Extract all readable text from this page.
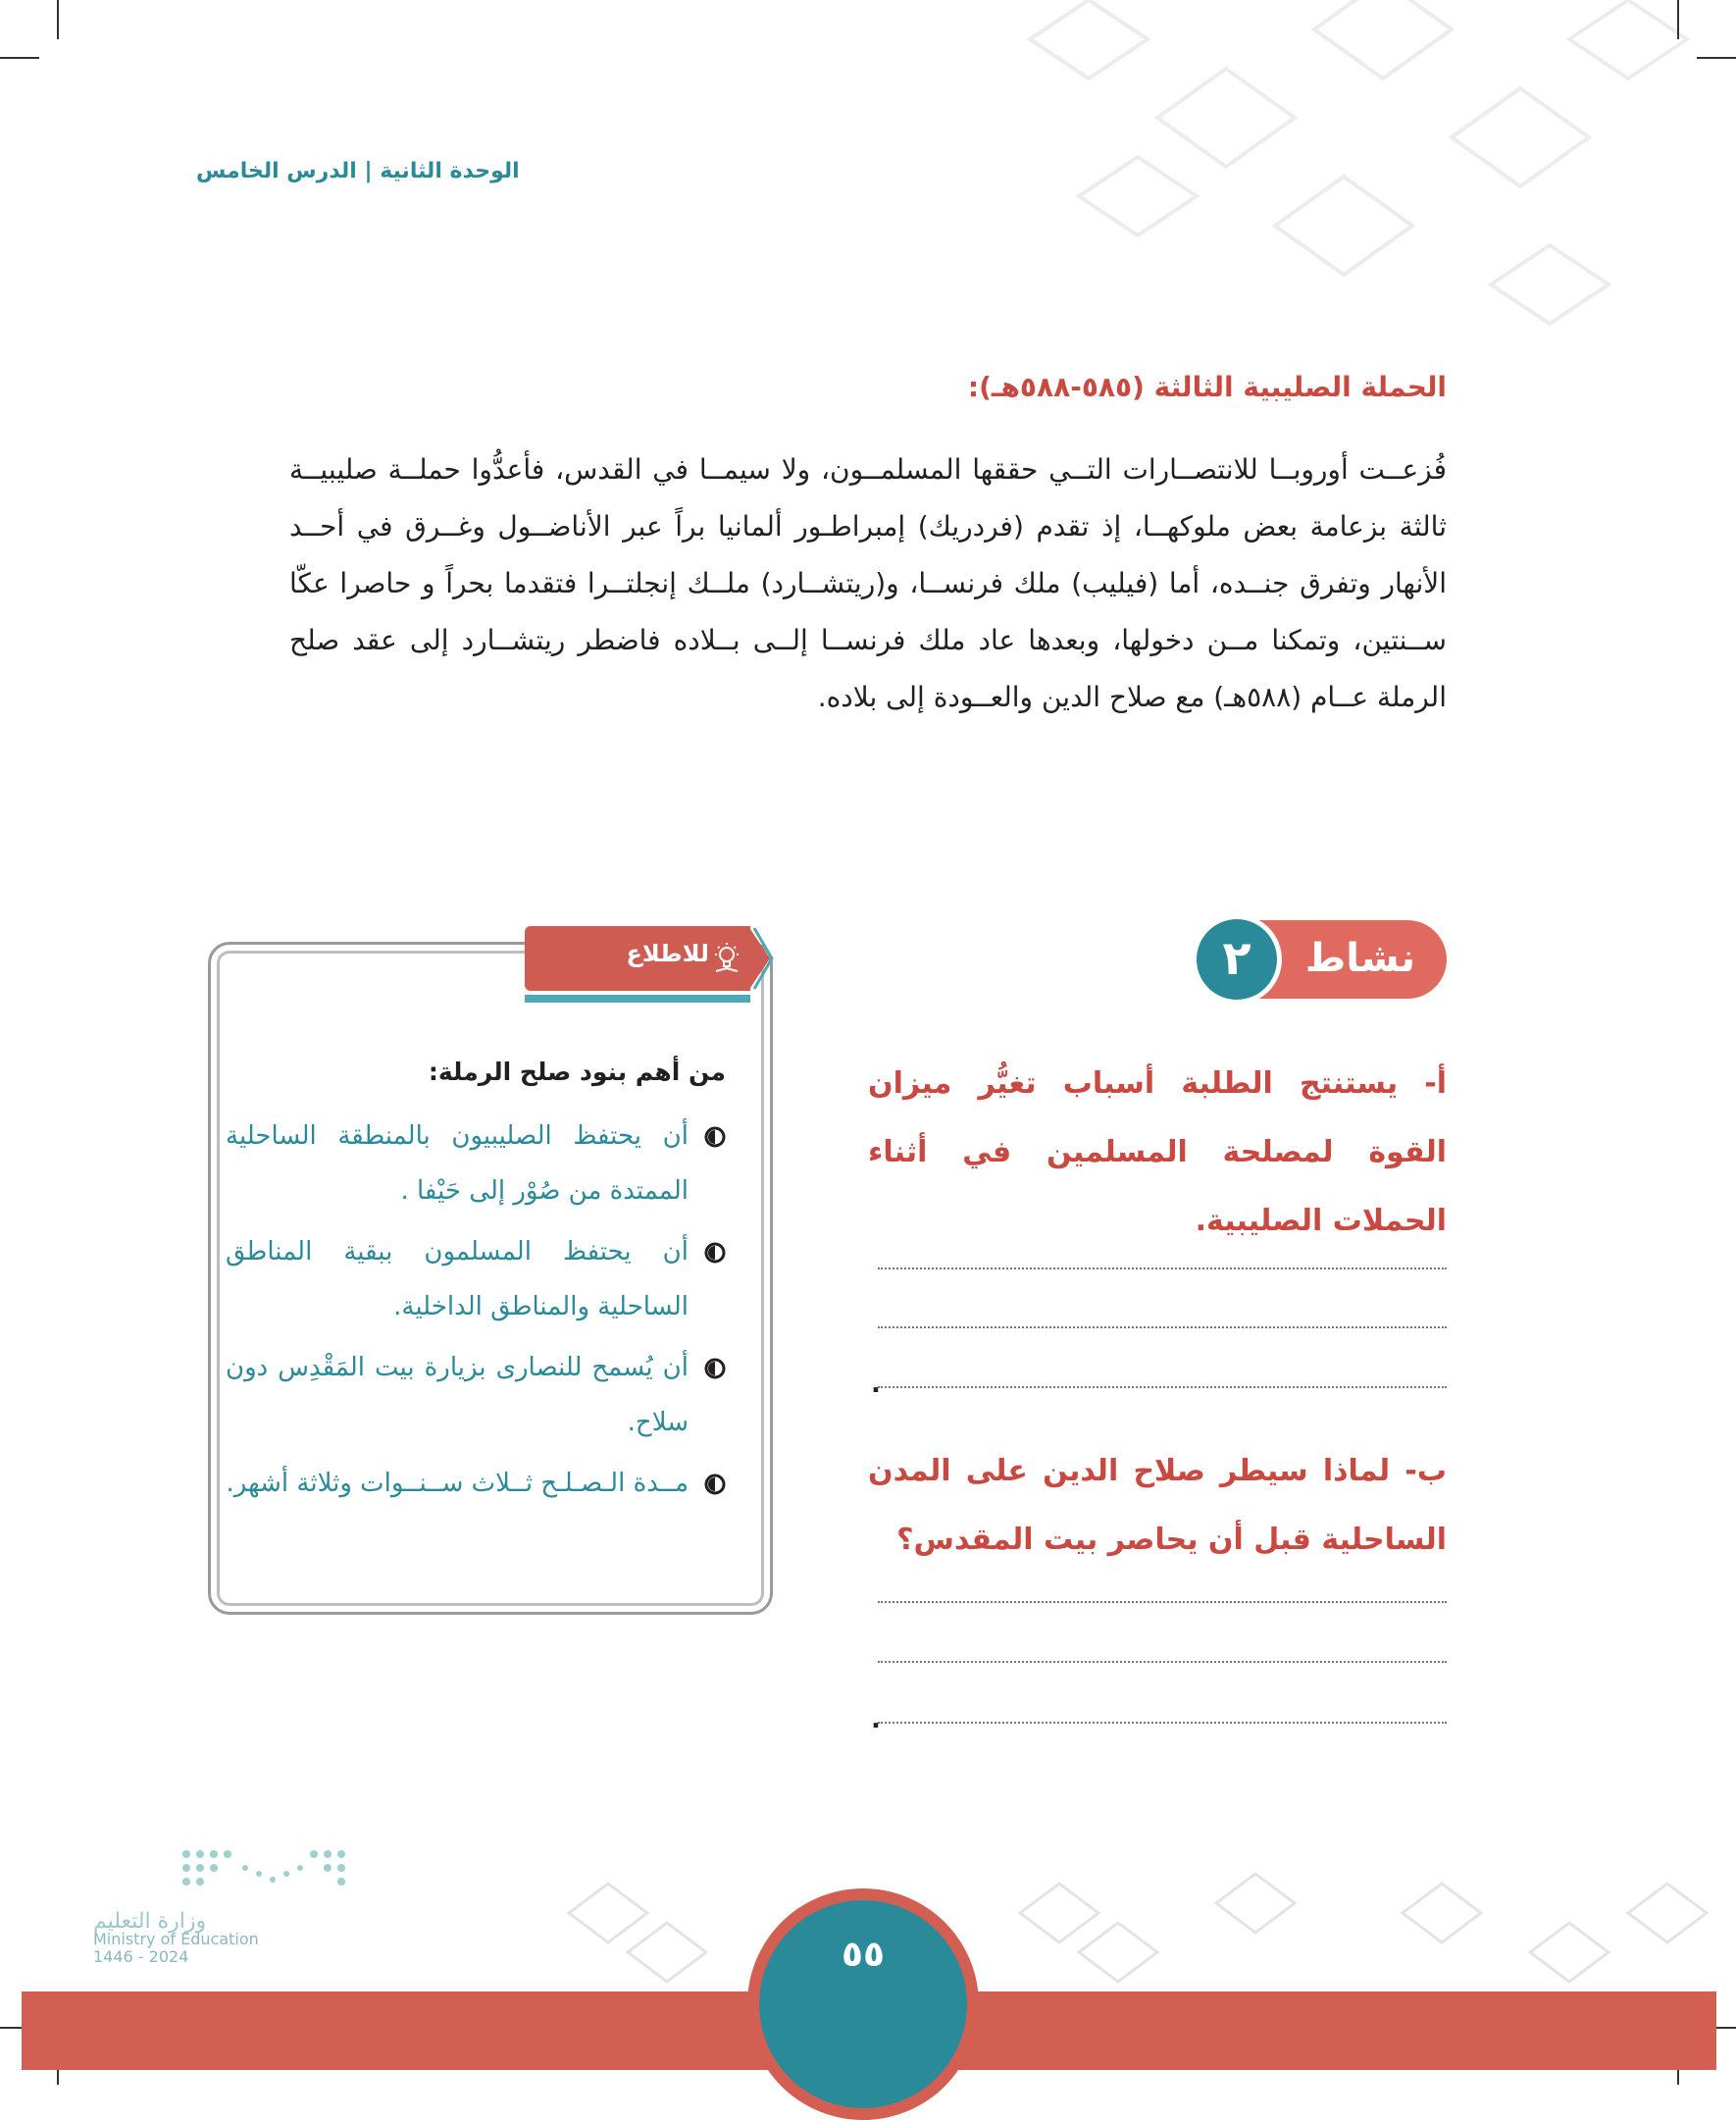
الوحدة الثانية | الدرس الخامس
الحملة الصليبية الثالثة (٥٨٥-٥٨٨هـ):
فُزعــت أوروبــا للانتصــارات التــي حققها المسلمــون، ولا سيمــا في القدس، فأعدُّوا حملــة صليبيــة ثالثة بزعامة بعض ملوكهــا، إذ تقدم (فردريك) إمبراطـور ألمانيا براً عبر الأناضــول وغــرق في أحــد الأنهار وتفرق جنــده، أما (فيليب) ملك فرنســا، و(ريتشــارد) ملــك إنجلتــرا فتقدما بحراً و حاصرا عكّا ســنتين، وتمكنا مــن دخولها، وبعدها عاد ملك فرنســا إلــى بــلاده فاضطر ريتشــارد إلى عقد صلح الرملة عــام (٥٨٨هـ) مع صلاح الدين والعــودة إلى بلاده.
نشاط
٢
أ- يستنتج الطلبة أسباب تغيُّر ميزان القوة لمصلحة المسلمين في أثناء الحملات الصليبية.
.
ب- لماذا سيطر صلاح الدين على المدن الساحلية قبل أن يحاصر بيت المقدس؟
.
للاطلاع
من أهم بنود صلح الرملة:
أن يحتفظ الصليبيون بالمنطقة الساحلية الممتدة من صُوْر إلى حَيْفا .
أن يحتفظ المسلمون ببقية المناطق الساحلية والمناطق الداخلية.
أن يُسمح للنصارى بزيارة بيت المَقْدِس دون سلاح.
مــدة الـصـلـح ثــلاث ســنــوات وثلاثة أشهر.
وزارة التعليم
Ministry of Education
2024 - 1446	٥٥
